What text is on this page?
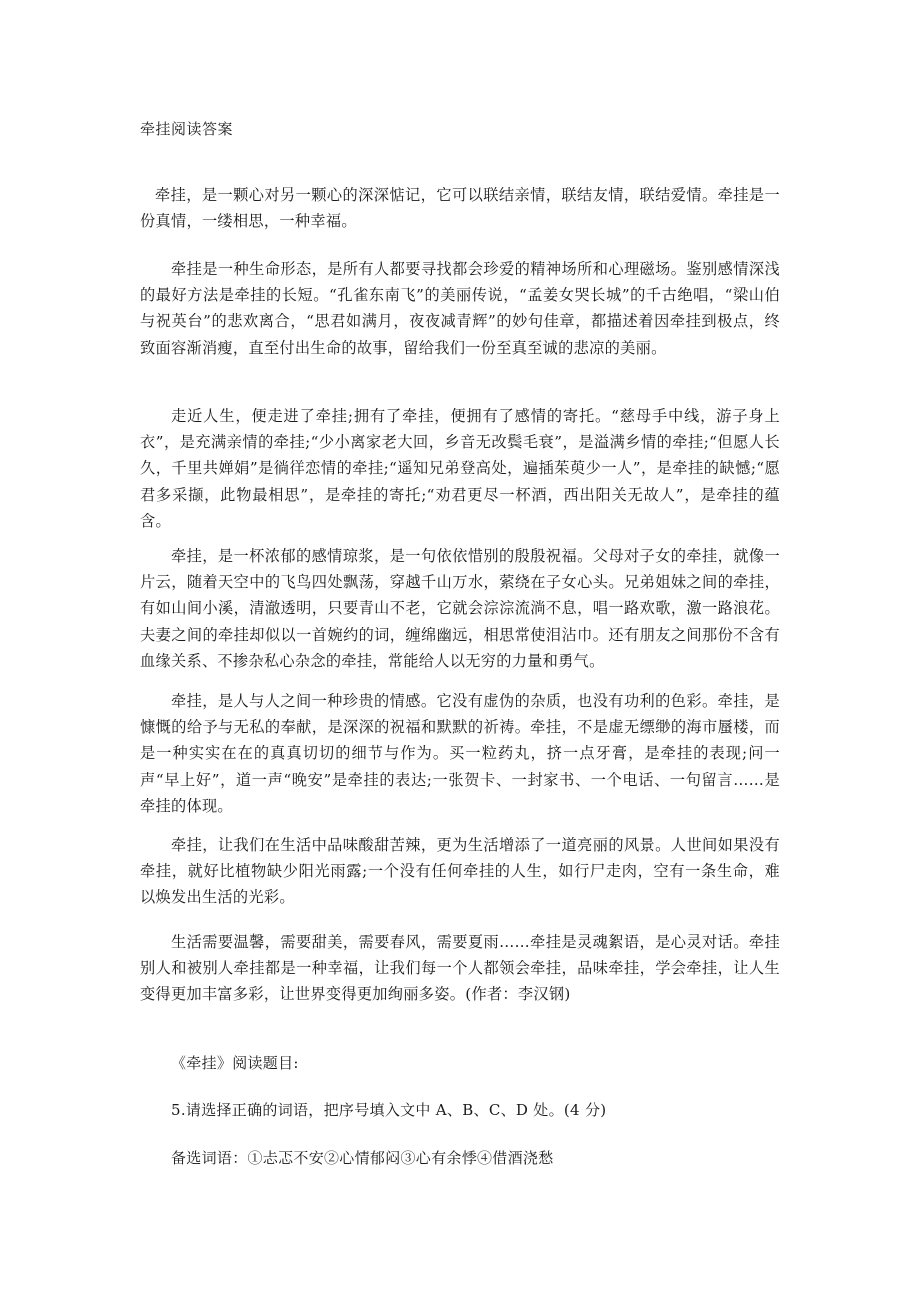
牵挂阅读答案

牵挂，是一颗心对另一颗心的深深惦记，它可以联结亲情，联结友情，联结爱情。牵挂是一份真情，一缕相思，一种幸福。

牵挂是一种生命形态，是所有人都要寻找都会珍爱的精神场所和心理磁场。鉴别感情深浅的最好方法是牵挂的长短。“孔雀东南飞”的美丽传说，“孟姜女哭长城”的千古绝唱，“梁山伯与祝英台”的悲欢离合，“思君如满月，夜夜减青辉”的妙句佳章，都描述着因牵挂到极点，终致面容渐消瘦，直至付出生命的故事，留给我们一份至真至诚的悲凉的美丽。

走近人生，便走进了牵挂;拥有了牵挂，便拥有了感情的寄托。“慈母手中线，游子身上衣”，是充满亲情的牵挂;“少小离家老大回，乡音无改鬓毛衰”，是溢满乡情的牵挂;“但愿人长久，千里共婵娟”是徜徉恋情的牵挂;“遥知兄弟登高处，遍插茱萸少一人”，是牵挂的缺憾;“愿君多采撷，此物最相思”，是牵挂的寄托;“劝君更尽一杯酒，西出阳关无故人”，是牵挂的蕴含。

牵挂，是一杯浓郁的感情琼浆，是一句依依惜别的殷殷祝福。父母对子女的牵挂，就像一片云，随着天空中的飞鸟四处飘荡，穿越千山万水，萦绕在子女心头。兄弟姐妹之间的牵挂，有如山间小溪，清澈透明，只要青山不老，它就会淙淙流淌不息，唱一路欢歌，激一路浪花。夫妻之间的牵挂却似以一首婉约的词，缠绵幽远，相思常使泪沾巾。还有朋友之间那份不含有血缘关系、不掺杂私心杂念的牵挂，常能给人以无穷的力量和勇气。

牵挂，是人与人之间一种珍贵的情感。它没有虚伪的杂质，也没有功利的色彩。牵挂，是慷慨的给予与无私的奉献，是深深的祝福和默默的祈祷。牵挂，不是虚无缥缈的海市蜃楼，而是一种实实在在的真真切切的细节与作为。买一粒药丸，挤一点牙膏，是牵挂的表现;问一声“早上好”，道一声“晚安”是牵挂的表达;一张贺卡、一封家书、一个电话、一句留言……是牵挂的体现。

牵挂，让我们在生活中品味酸甜苦辣，更为生活增添了一道亮丽的风景。人世间如果没有牵挂，就好比植物缺少阳光雨露;一个没有任何牵挂的人生，如行尸走肉，空有一条生命，难以焕发出生活的光彩。

生活需要温馨，需要甜美，需要春风，需要夏雨……牵挂是灵魂絮语，是心灵对话。牵挂别人和被别人牵挂都是一种幸福，让我们每一个人都领会牵挂，品味牵挂，学会牵挂，让人生变得更加丰富多彩，让世界变得更加绚丽多姿。(作者：李汉钢)

《牵挂》阅读题目:
5.请选择正确的词语，把序号填入文中 A、B、C、D 处。(4 分)
备选词语：①忐忑不安②心情郁闷③心有余悸④借酒浇愁
